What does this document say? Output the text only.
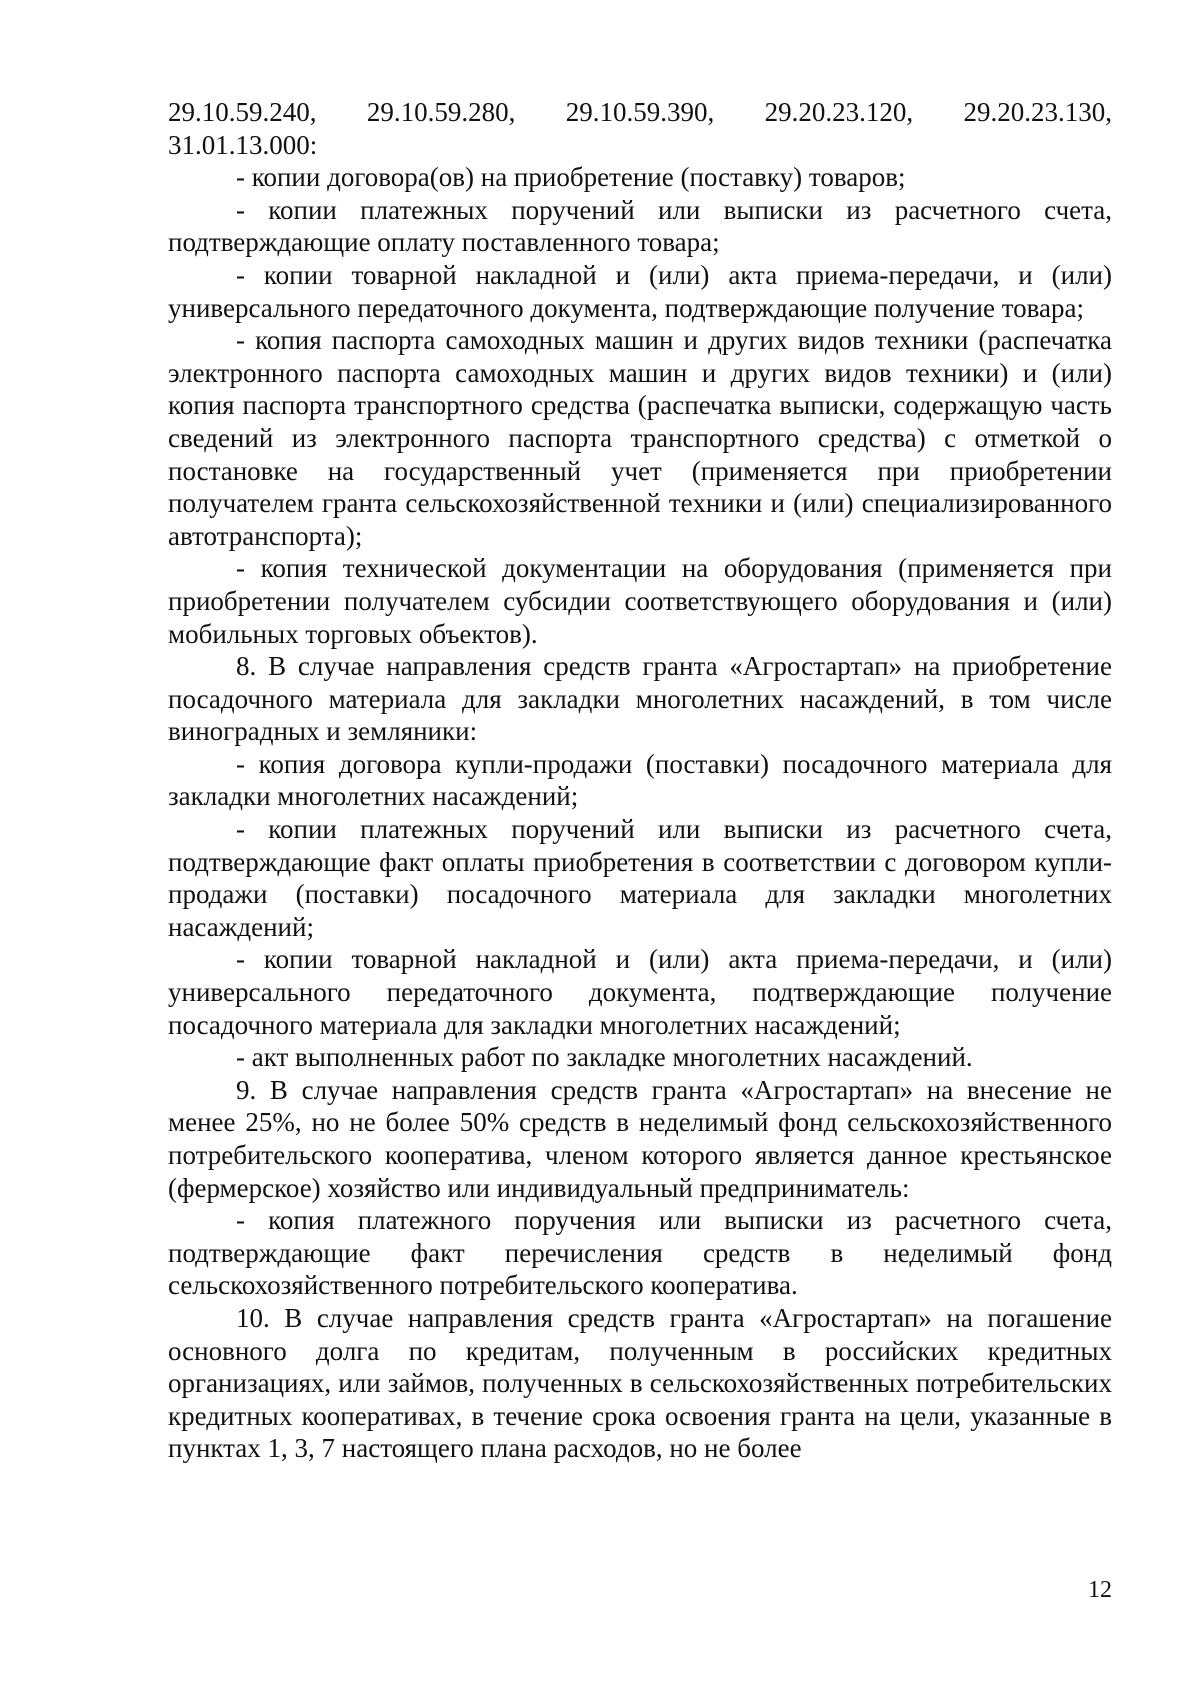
29.10.59.240, 29.10.59.280, 29.10.59.390, 29.20.23.120, 29.20.23.130,

31.01.13.000:

- копии договора(ов) на приобретение (поставку) товаров;

- копии платежных поручений или выписки из расчетного счета, подтверждающие оплату поставленного товара;

- копии товарной накладной и (или) акта приема-передачи, и (или) универсального передаточного документа, подтверждающие получение товара;

- копия паспорта самоходных машин и других видов техники (распечатка электронного паспорта самоходных машин и других видов техники) и (или) копия паспорта транспортного средства (распечатка выписки, содержащую часть сведений из электронного паспорта транспортного средства) с отметкой о постановке на государственный учет (применяется при приобретении получателем гранта сельскохозяйственной техники и (или) специализированного автотранспорта);

- копия технической документации на оборудования (применяется при приобретении получателем субсидии соответствующего оборудования и (или) мобильных торговых объектов).

8. В случае направления средств гранта «Агростартап» на приобретение посадочного материала для закладки многолетних насаждений, в том числе виноградных и земляники:

- копия договора купли-продажи (поставки) посадочного материала для закладки многолетних насаждений;

- копии платежных поручений или выписки из расчетного счета, подтверждающие факт оплаты приобретения в соответствии с договором купли-продажи (поставки) посадочного материала для закладки многолетних насаждений;

- копии товарной накладной и (или) акта приема-передачи, и (или) универсального передаточного документа, подтверждающие получение посадочного материала для закладки многолетних насаждений;

- акт выполненных работ по закладке многолетних насаждений.

9. В случае направления средств гранта «Агростартап» на внесение не менее 25%, но не более 50% средств в неделимый фонд сельскохозяйственного потребительского кооператива, членом которого является данное крестьянское (фермерское) хозяйство или индивидуальный предприниматель:

- копия платежного поручения или выписки из расчетного счета, подтверждающие факт перечисления средств в неделимый фонд сельскохозяйственного потребительского кооператива.

10. В случае направления средств гранта «Агростартап» на погашение основного долга по кредитам, полученным в российских кредитных организациях, или займов, полученных в сельскохозяйственных потребительских кредитных кооперативах, в течение срока освоения гранта на цели, указанные в пунктах 1, 3, 7 настоящего плана расходов, но не более

12
